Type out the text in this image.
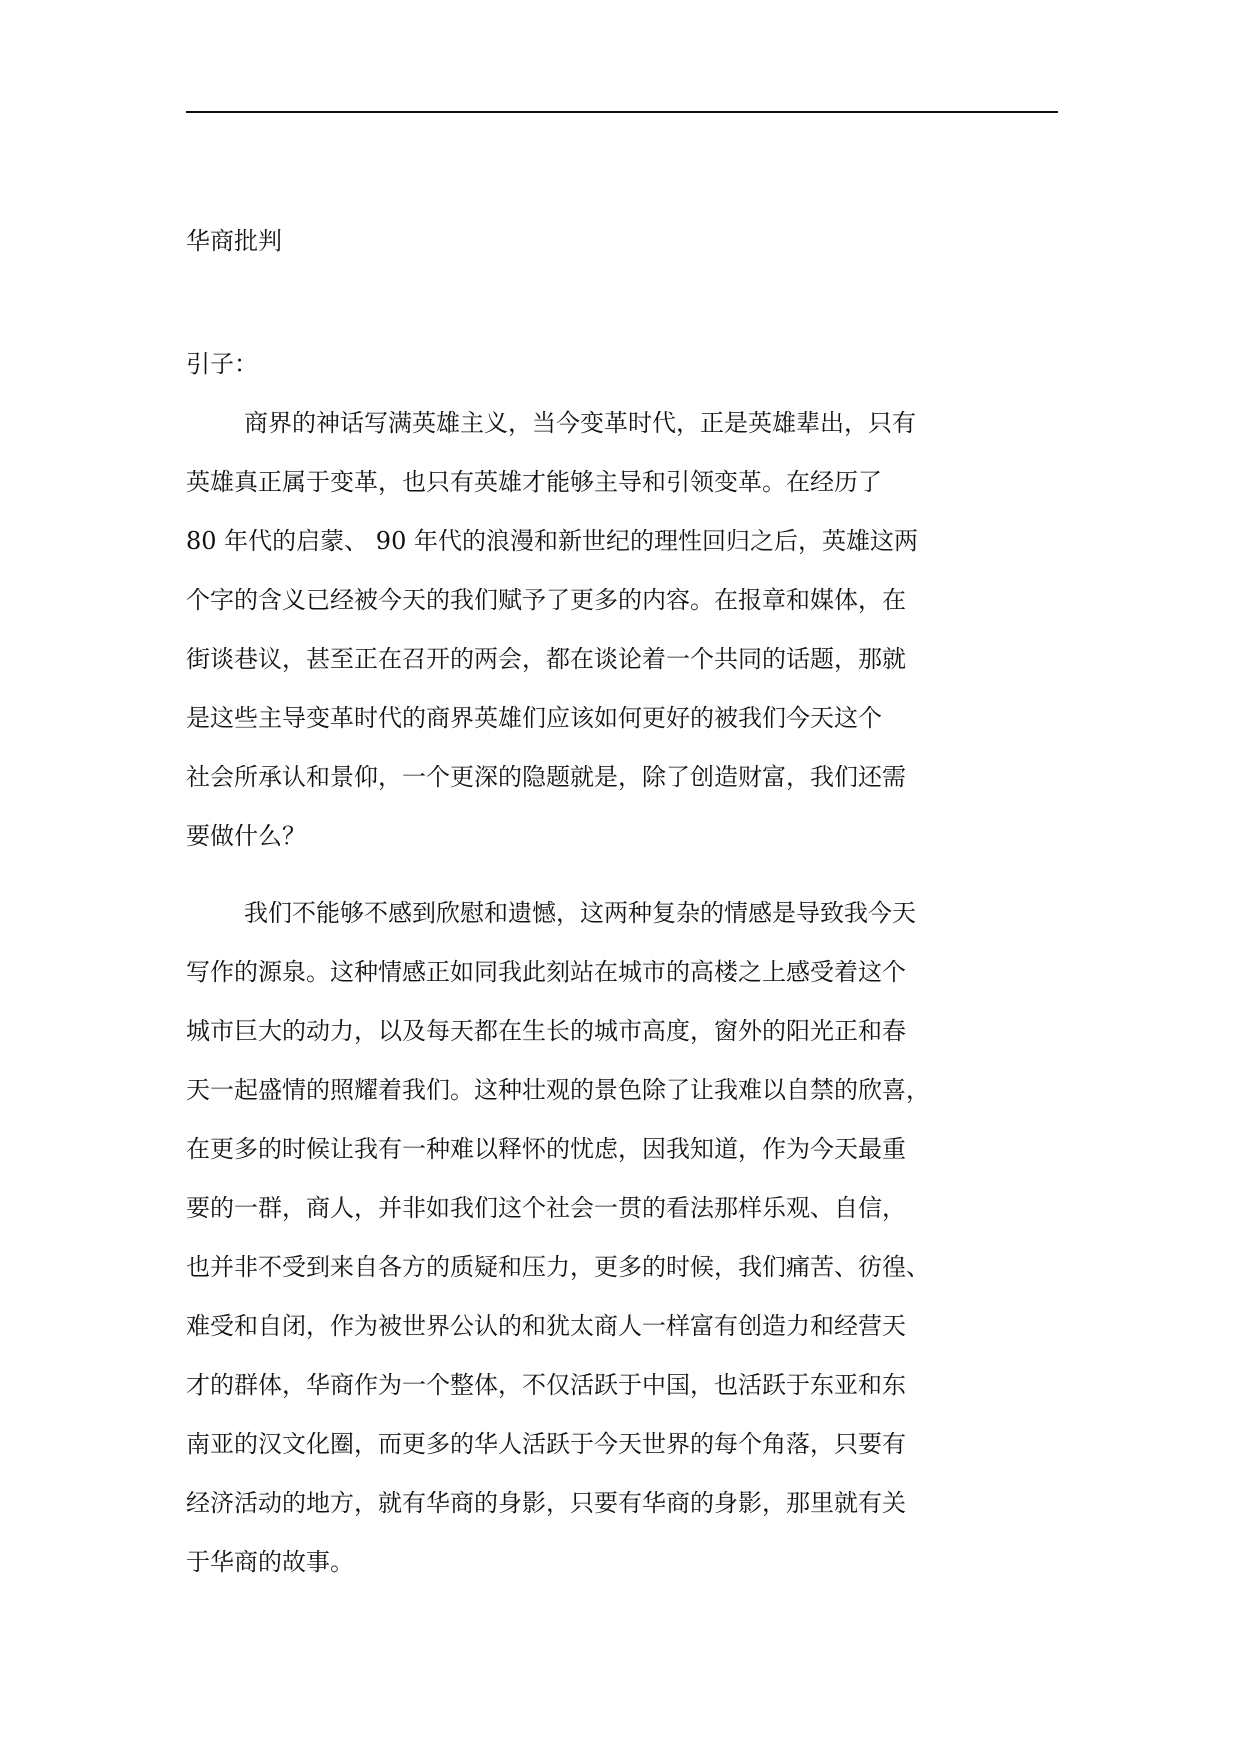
华商批判
引子：
商界的神话写满英雄主义，当今变革时代，正是英雄辈出，只有
英雄真正属于变革，也只有英雄才能够主导和引领变革。在经历了
80 年代的启蒙、 90 年代的浪漫和新世纪的理性回归之后，英雄这两
个字的含义已经被今天的我们赋予了更多的内容。在报章和媒体，在
街谈巷议，甚至正在召开的两会，都在谈论着一个共同的话题，那就
是这些主导变革时代的商界英雄们应该如何更好的被我们今天这个
社会所承认和景仰，一个更深的隐题就是，除了创造财富，我们还需
要做什么？
我们不能够不感到欣慰和遗憾，这两种复杂的情感是导致我今天
写作的源泉。这种情感正如同我此刻站在城市的高楼之上感受着这个
城市巨大的动力，以及每天都在生长的城市高度，窗外的阳光正和春
天一起盛情的照耀着我们。这种壮观的景色除了让我难以自禁的欣喜，
在更多的时候让我有一种难以释怀的忧虑，因我知道，作为今天最重
要的一群，商人，并非如我们这个社会一贯的看法那样乐观、自信，
也并非不受到来自各方的质疑和压力，更多的时候，我们痛苦、彷徨、
难受和自闭，作为被世界公认的和犹太商人一样富有创造力和经营天
才的群体，华商作为一个整体，不仅活跃于中国，也活跃于东亚和东
南亚的汉文化圈，而更多的华人活跃于今天世界的每个角落，只要有
经济活动的地方，就有华商的身影，只要有华商的身影，那里就有关
于华商的故事。
